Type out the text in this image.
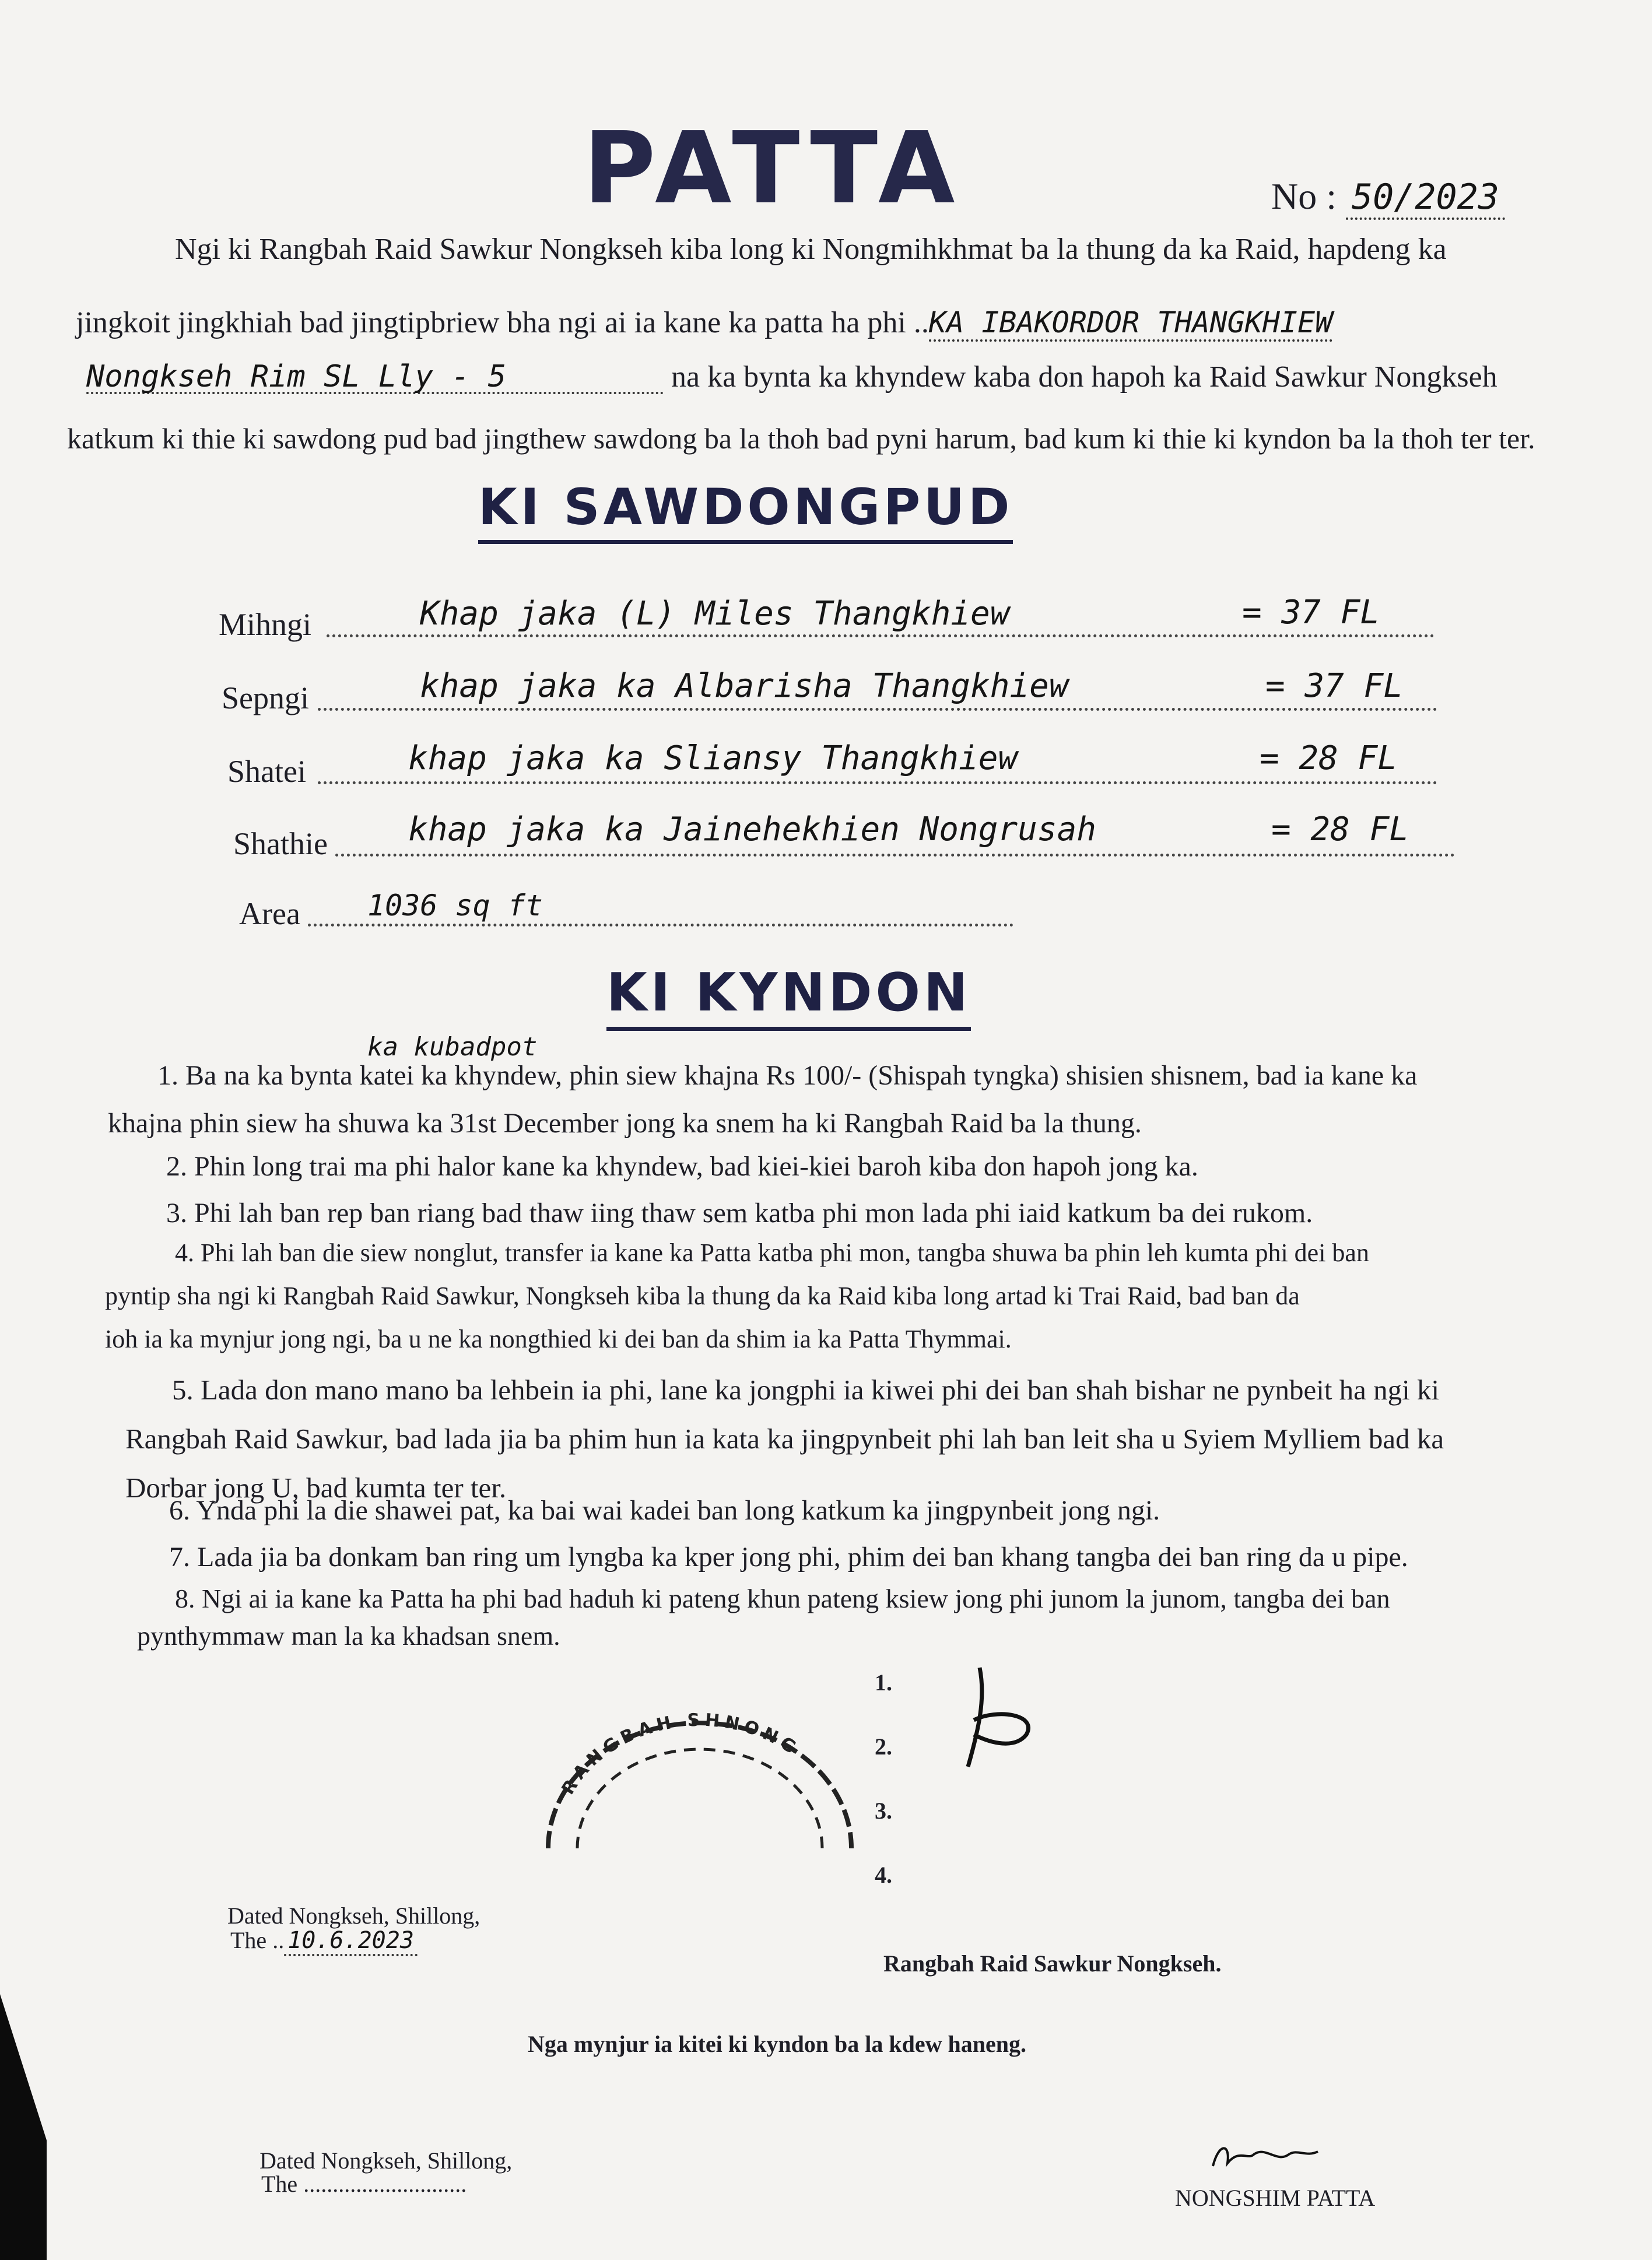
PATTA	No : 50/2023
Ngi ki Rangbah Raid Sawkur Nongkseh kiba long ki Nongmihkhmat ba la thung da ka Raid, hapdeng ka
jingkoit jingkhiah bad jingtipbriew bha ngi ai ia kane ka patta ha phi ..KA IBAKORDOR THANGKHIEW
Nongkseh Rim SL Lly - 5	na ka bynta ka khyndew kaba don hapoh ka Raid Sawkur Nongkseh
katkum ki thie ki sawdong pud bad jingthew sawdong ba la thoh bad pyni harum, bad kum ki thie ki kyndon ba la thoh ter ter.
KI SAWDONGPUD
Mihngi	Khap jaka (L) Miles Thangkhiew	= 37 FL
Sepngi	khap jaka ka Albarisha Thangkhiew	= 37 FL
Shatei	khap jaka ka Sliansy Thangkhiew	= 28 FL
Shathie khap jaka ka Jainehekhien Nongrusah	= 28 FL
Area 1036 sq ft
KI KYNDON
ka kubadpot
1. Ba na ka bynta katei ka khyndew, phin siew khajna Rs 100/- (Shispah tyngka) shisien shisnem, bad ia kane ka
khajna phin siew ha shuwa ka 31st December jong ka snem ha ki Rangbah Raid ba la thung.
2. Phin long trai ma phi halor kane ka khyndew, bad kiei-kiei baroh kiba don hapoh jong ka.
3. Phi lah ban rep ban riang bad thaw iing thaw sem katba phi mon lada phi iaid katkum ba dei rukom.
4. Phi lah ban die siew nonglut, transfer ia kane ka Patta katba phi mon, tangba shuwa ba phin leh kumta phi dei ban
pyntip sha ngi ki Rangbah Raid Sawkur, Nongkseh kiba la thung da ka Raid kiba long artad ki Trai Raid, bad ban da
ioh ia ka mynjur jong ngi, ba u ne ka nongthied ki dei ban da shim ia ka Patta Thymmai.
5. Lada don mano mano ba lehbein ia phi, lane ka jongphi ia kiwei phi dei ban shah bishar ne pynbeit ha ngi ki
Rangbah Raid Sawkur, bad lada jia ba phim hun ia kata ka jingpynbeit phi lah ban leit sha u Syiem Mylliem bad ka
Dorbar jong U, bad kumta ter ter.
6. Ynda phi la die shawei pat, ka bai wai kadei ban long katkum ka jingpynbeit jong ngi.
7. Lada jia ba donkam ban ring um lyngba ka kper jong phi, phim dei ban khang tangba dei ban ring da u pipe.
8. Ngi ai ia kane ka Patta ha phi bad haduh ki pateng khun pateng ksiew jong phi junom la junom, tangba dei ban
pynthymmaw man la ka khadsan snem.
1.
2.
3.
4.
RANGBAH SHNONG
Dated Nongkseh, Shillong,
The .. 10.6.2023
Rangbah Raid Sawkur Nongkseh.
Nga mynjur ia kitei ki kyndon ba la kdew haneng.
Dated Nongkseh, Shillong,
The ............................
NONGSHIM PATTA
